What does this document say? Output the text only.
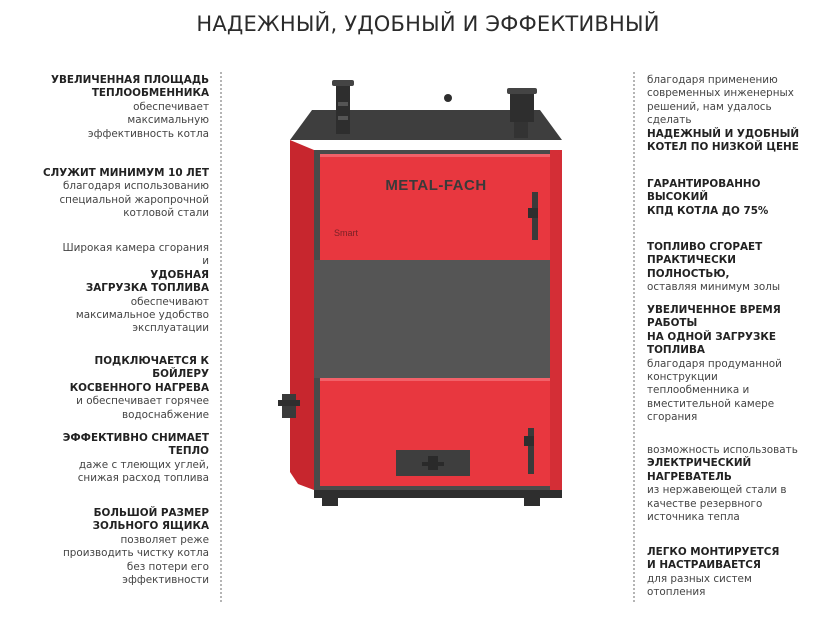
НАДЕЖНЫЙ, УДОБНЫЙ И ЭФФЕКТИВНЫЙ
УВЕЛИЧЕННАЯ ПЛОЩАДЬ
ТЕПЛООБМЕННИКА
обеспечивает
максимальную
эффективность котла
СЛУЖИТ МИНИМУМ 10 ЛЕТ
благодаря использованию
специальной жаропрочной
котловой стали
Широкая камера сгорания
и
УДОБНАЯ
ЗАГРУЗКА ТОПЛИВА
обеспечивают
максимальное удобство
эксплуатации
ПОДКЛЮЧАЕТСЯ К БОЙЛЕРУ
КОСВЕННОГО НАГРЕВА
и обеспечивает горячее
водоснабжение
ЭФФЕКТИВНО СНИМАЕТ
ТЕПЛО
даже с тлеющих углей,
снижая расход топлива
БОЛЬШОЙ РАЗМЕР
ЗОЛЬНОГО ЯЩИКА
позволяет реже
производить чистку котла
без потери его
эффективности
благодаря применению
современных инженерных
решений, нам удалось
сделать
НАДЕЖНЫЙ И УДОБНЫЙ
КОТЕЛ ПО НИЗКОЙ ЦЕНЕ
ГАРАНТИРОВАННО
ВЫСОКИЙ
КПД КОТЛА ДО 75%
ТОПЛИВО СГОРАЕТ
ПРАКТИЧЕСКИ ПОЛНОСТЬЮ,
оставляя минимум золы
УВЕЛИЧЕННОЕ ВРЕМЯ
РАБОТЫ
НА ОДНОЙ ЗАГРУЗКЕ
ТОПЛИВА
благодаря продуманной
конструкции
теплообменника и
вместительной камере
сгорания
возможность использовать
ЭЛЕКТРИЧЕСКИЙ
НАГРЕВАТЕЛЬ
из нержавеющей стали в
качестве резервного
источника тепла
ЛЕГКО МОНТИРУЕТСЯ
И НАСТРАИВАЕТСЯ
для разных систем
отопления
METAL-FACH
Smart
